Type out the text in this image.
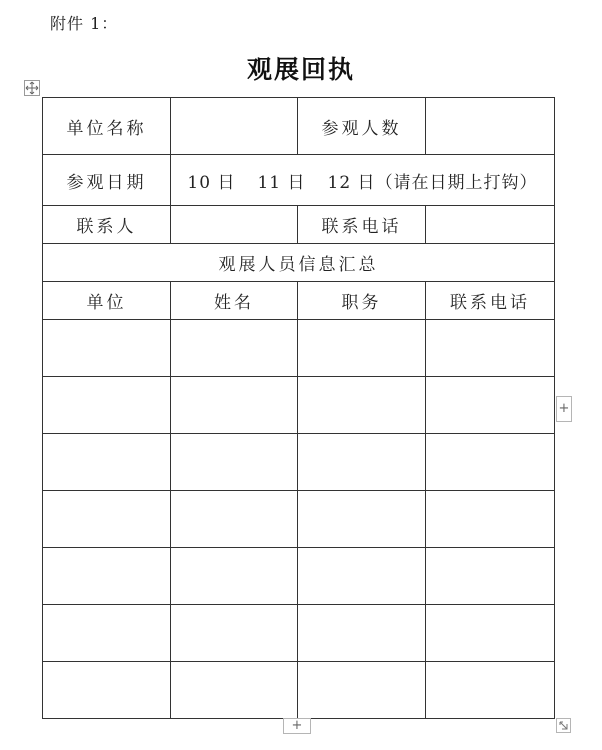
附件 1：
观展回执
单位名称		参观人数	
参观日期	10 日 11 日 12 日（请在日期上打钩）		
联系人		联系电话	
观展人员信息汇总			
单位	姓名	职务	联系电话

+
+
